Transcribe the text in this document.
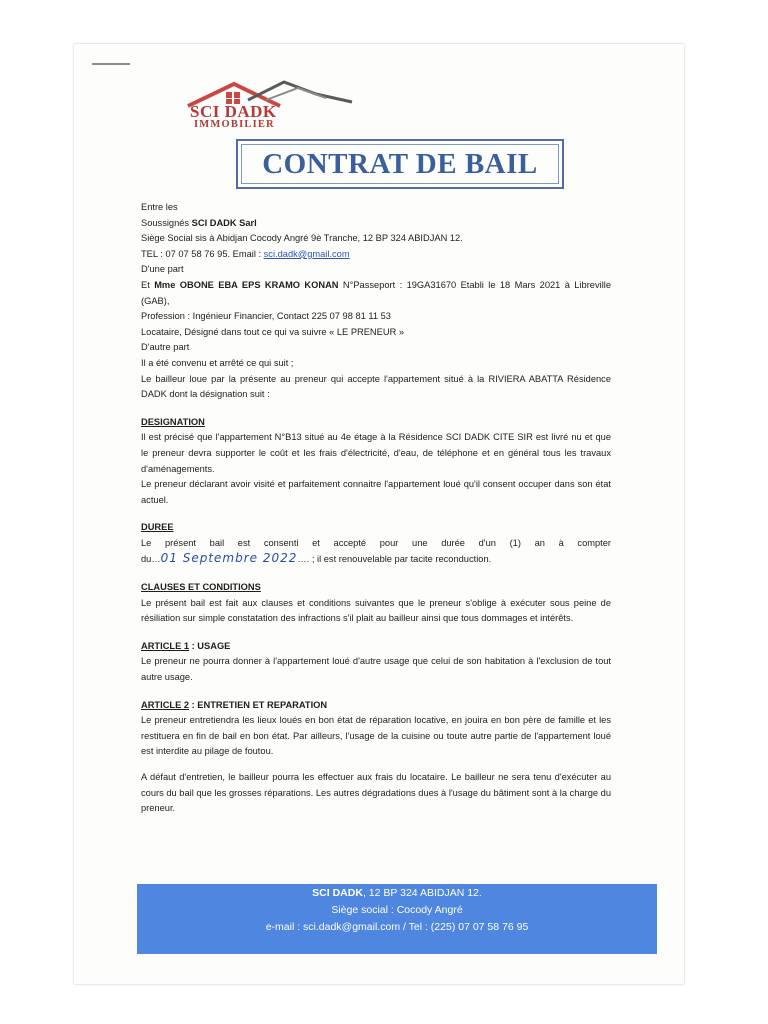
SCI DADK
IMMOBILIER
CONTRAT DE BAIL

Entre les

Soussignés SCI DADK Sarl

Siège Social sis à Abidjan Cocody Angré 9è Tranche, 12 BP 324 ABIDJAN 12.

TEL : 07 07 58 76 95. Email : sci.dadk@gmail.com

D'une part

Et Mme OBONE EBA EPS KRAMO KONAN N°Passeport : 19GA31670 Etabli le 18 Mars 2021 à Libreville (GAB),

Profession : Ingénieur Financier, Contact 225 07 98 81 11 53

Locataire, Désigné dans tout ce qui va suivre « LE PRENEUR »

D'autre part

Il a été convenu et arrêté ce qui suit ;

Le bailleur loue par la présente au preneur qui accepte l'appartement situé à la RIVIERA ABATTA Résidence DADK dont la désignation suit :

DESIGNATION

Il est précisé que l'appartement N°B13 situé au 4e étage à la Résidence SCI DADK CITE SIR est livré nu et que le preneur devra supporter le coût et les frais d'électricité, d'eau, de téléphone et en général tous les travaux d'aménagements.

Le preneur déclarant avoir visité et parfaitement connaitre l'appartement loué qu'il consent occuper dans son état actuel.

DUREE

Le présent bail est consenti et accepté pour une durée d'un (1) an à compter

du…01 Septembre 2022…. ; il est renouvelable par tacite reconduction.

CLAUSES ET CONDITIONS

Le présent bail est fait aux clauses et conditions suivantes que le preneur s'oblige à exécuter sous peine de résiliation sur simple constatation des infractions s'il plait au bailleur ainsi que tous dommages et intérêts.

ARTICLE 1 : USAGE

Le preneur ne pourra donner à l'appartement loué d'autre usage que celui de son habitation à l'exclusion de tout autre usage.

ARTICLE 2 : ENTRETIEN ET REPARATION

Le preneur entretiendra les lieux loués en bon état de réparation locative, en jouira en bon père de famille et les restituera en fin de bail en bon état. Par ailleurs, l'usage de la cuisine ou toute autre partie de l'appartement loué est interdite au pilage de foutou.

A défaut d'entretien, le bailleur pourra les effectuer aux frais du locataire. Le bailleur ne sera tenu d'exécuter au cours du bail que les grosses réparations. Les autres dégradations dues à l'usage du bâtiment sont à la charge du preneur.

SCI DADK, 12 BP 324 ABIDJAN 12.
Siège social : Cocody Angré
e-mail : sci.dadk@gmail.com / Tel : (225) 07 07 58 76 95
